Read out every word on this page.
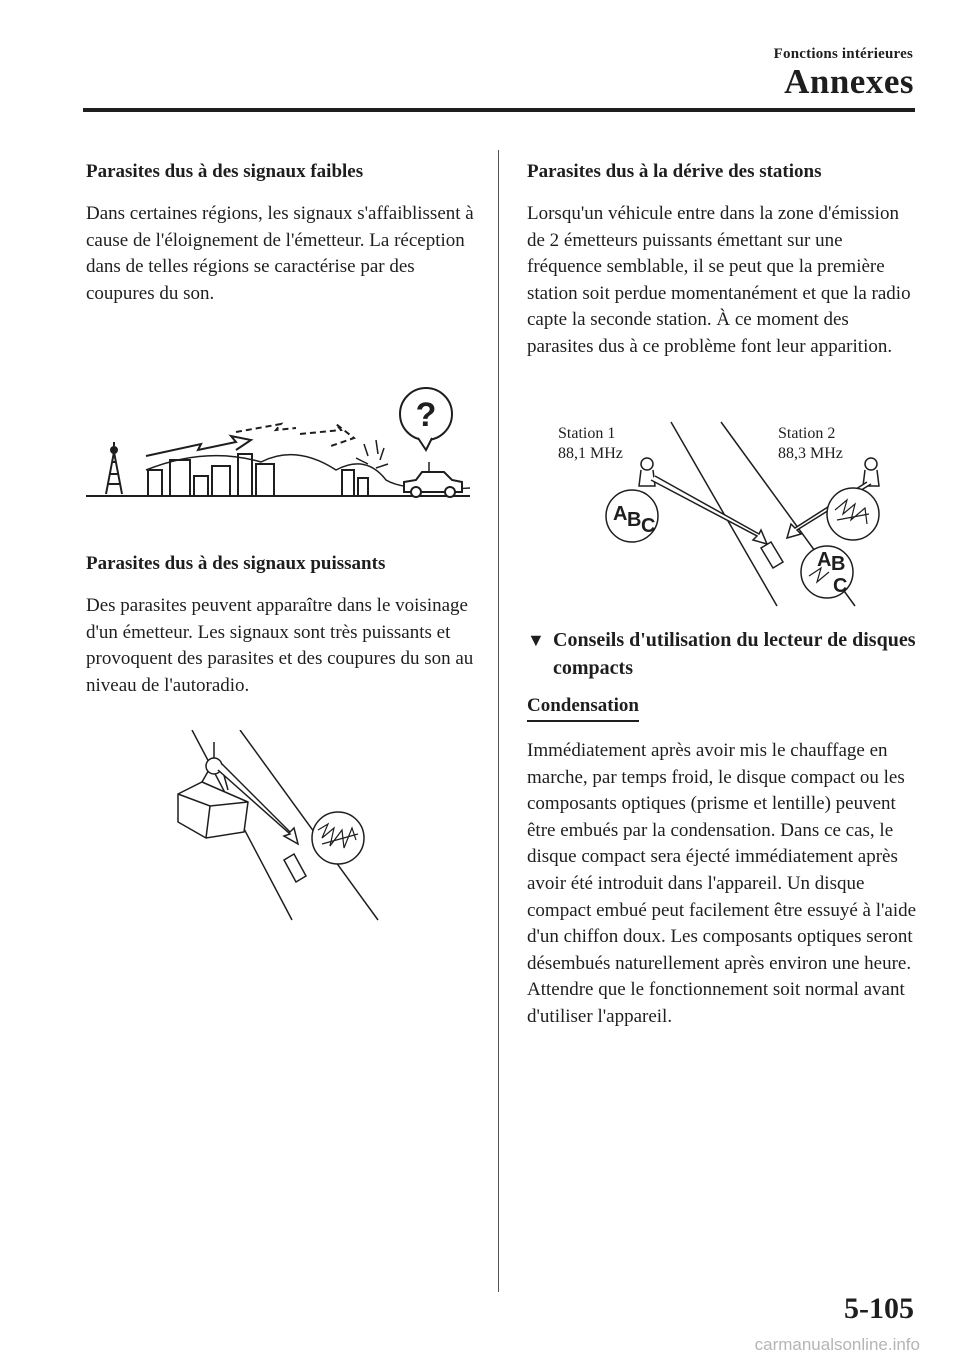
Fonctions intérieures
Annexes
Parasites dus à des signaux faibles

Dans certaines régions, les signaux s'affaiblissent à cause de l'éloignement de l'émetteur. La réception dans de telles régions se caractérise par des coupures du son.

?
Parasites dus à des signaux puissants

Des parasites peuvent apparaître dans le voisinage d'un émetteur. Les signaux sont très puissants et provoquent des parasites et des coupures du son au niveau de l'autoradio.

Parasites dus à la dérive des stations

Lorsqu'un véhicule entre dans la zone d'émission de 2 émetteurs puissants émettant sur une fréquence semblable, il se peut que la première station soit perdue momentanément et que la radio capte la seconde station. À ce moment des parasites dus à ce problème font leur apparition.

Station 1
88,1 MHz
Station 2
88,3 MHz
A B C
A B
C
▼ Conseils d'utilisation du lecteur de disques compacts
Condensation

Immédiatement après avoir mis le chauffage en marche, par temps froid, le disque compact ou les composants optiques (prisme et lentille) peuvent être embués par la condensation. Dans ce cas, le disque compact sera éjecté immédiatement après avoir été introduit dans l'appareil. Un disque compact embué peut facilement être essuyé à l'aide d'un chiffon doux. Les composants optiques seront désembués naturellement après environ une heure. Attendre que le fonctionnement soit normal avant d'utiliser l'appareil.

5-105
carmanualsonline.info
